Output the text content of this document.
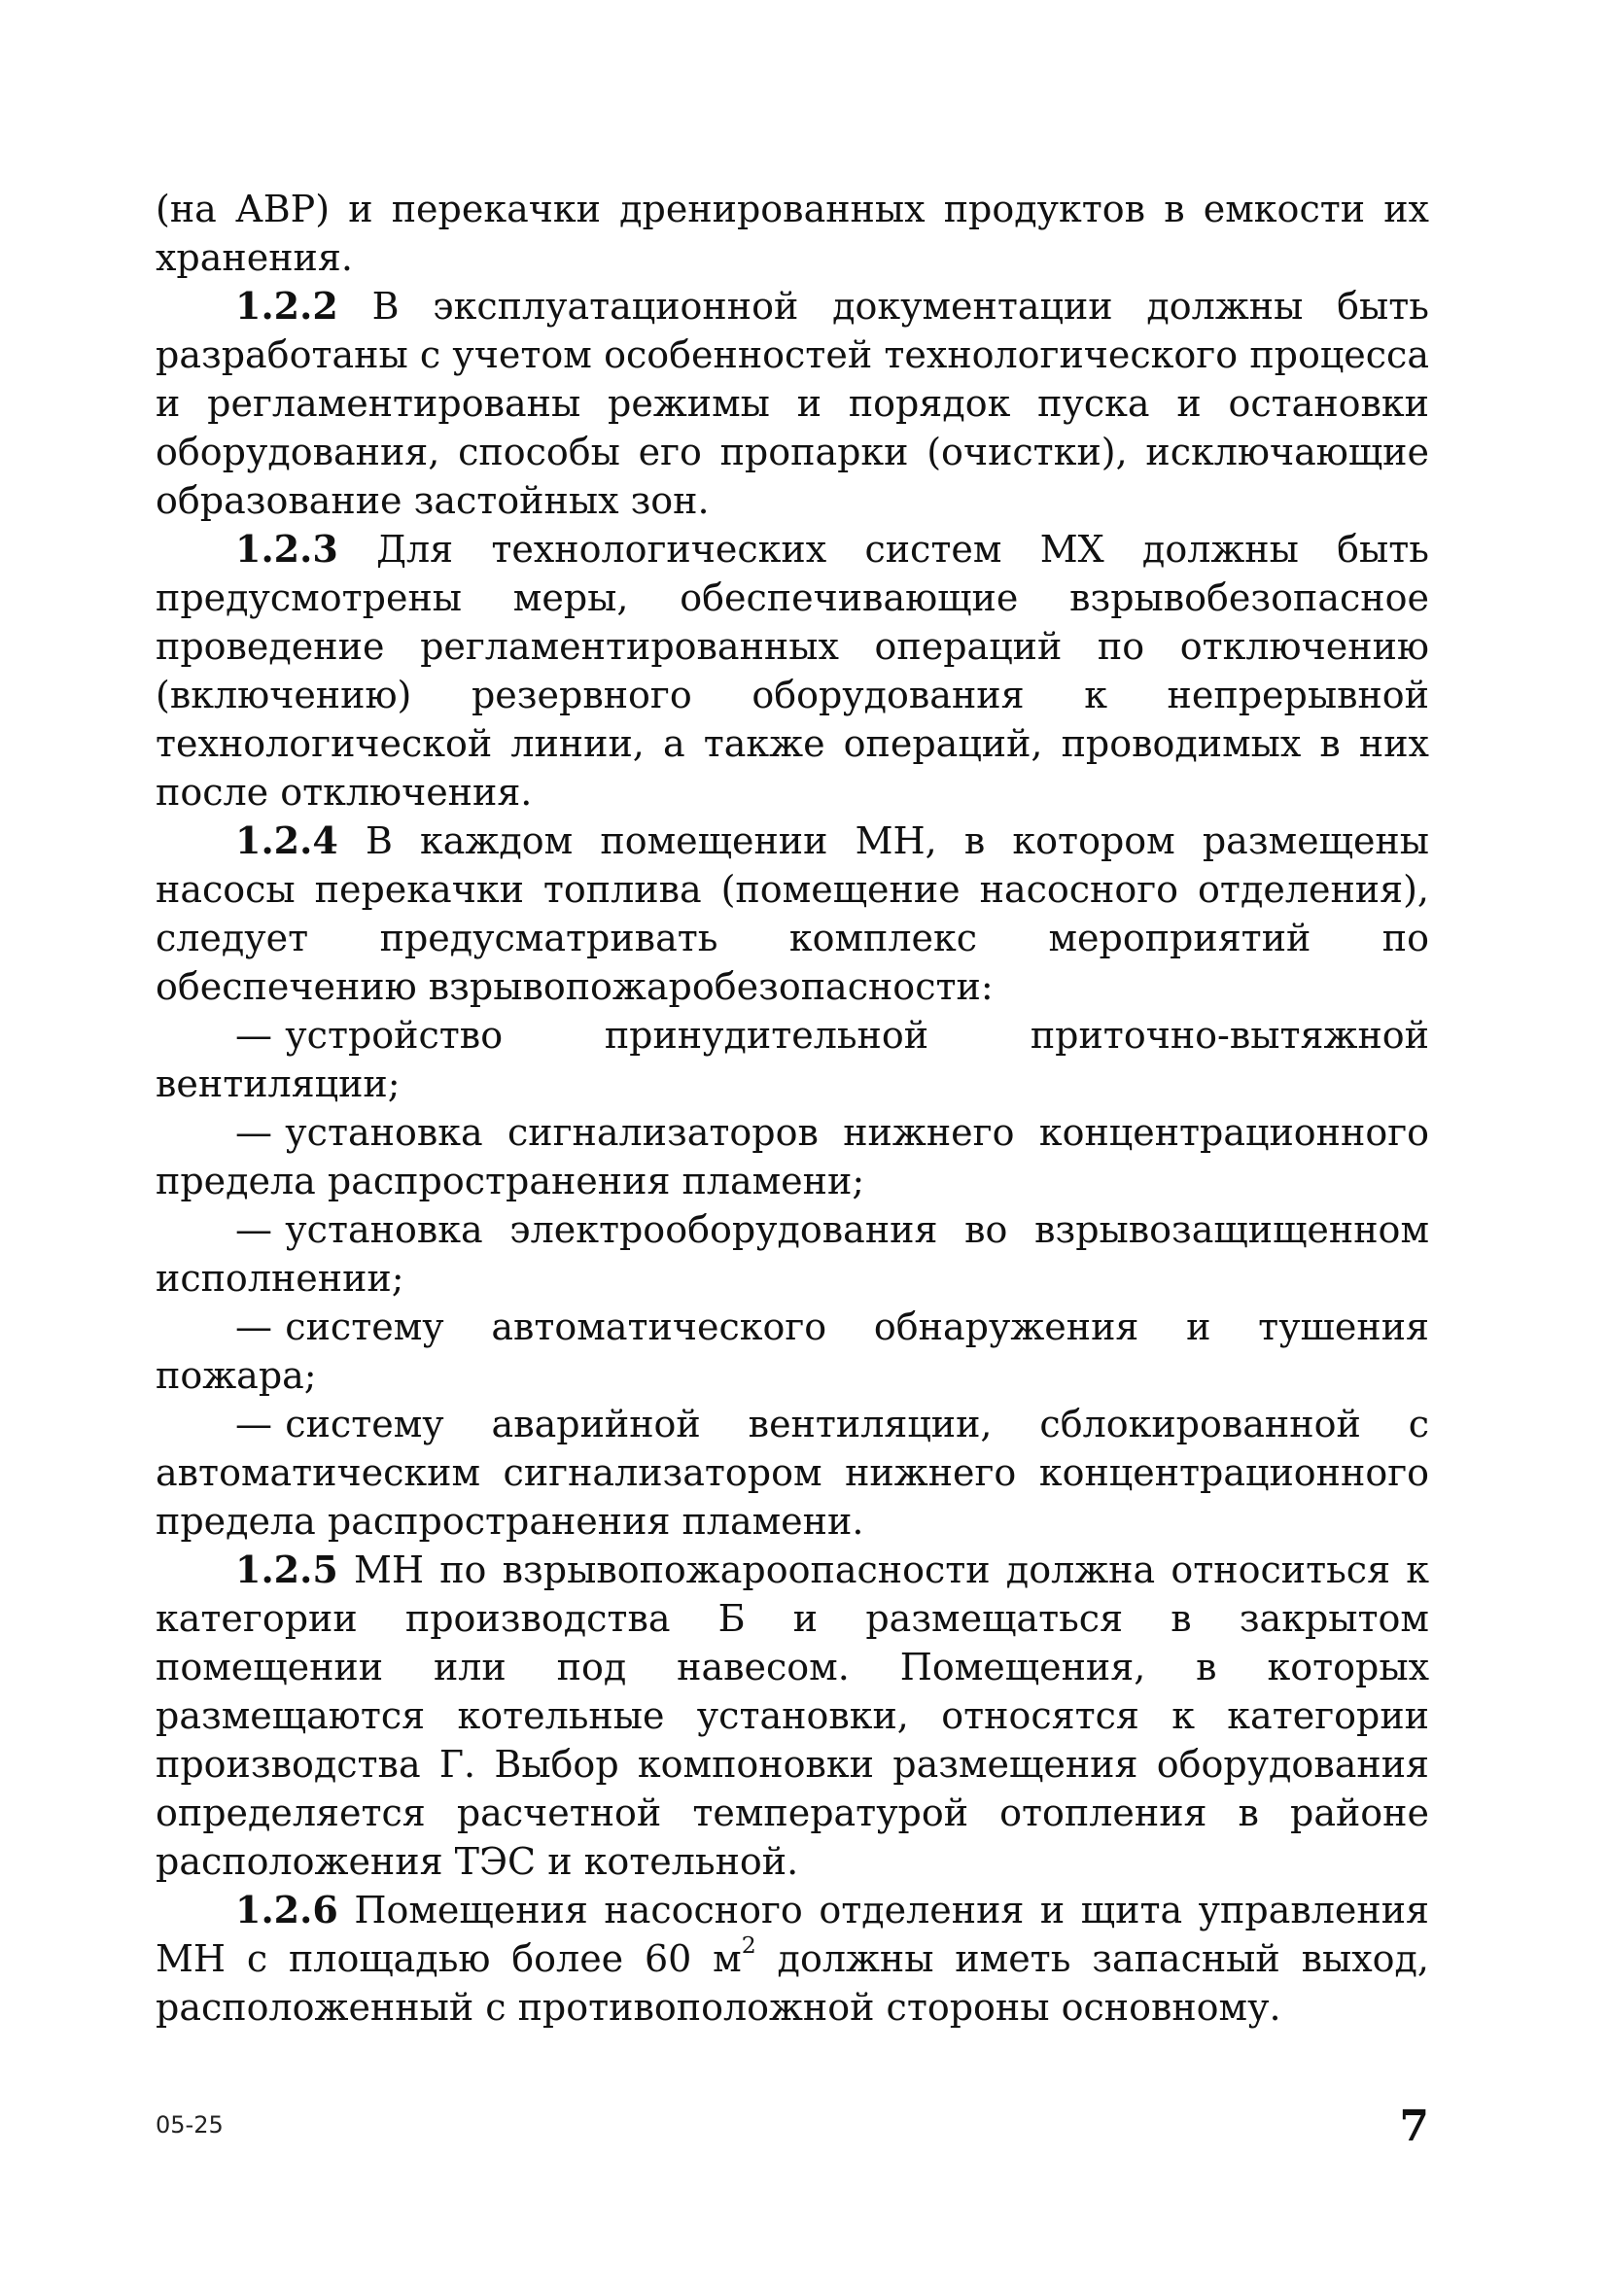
(на АВР) и перекачки дренированных продуктов в емкости их хранения.

1.2.2 В эксплуатационной документации должны быть разработаны с учетом особенностей технологического процесса и регламентированы режимы и порядок пуска и остановки оборудования, способы его пропарки (очистки), исключающие образование застойных зон.

1.2.3 Для технологических систем МХ должны быть предусмотрены меры, обеспечивающие взрывобезопасное проведение регламентированных операций по отключению (включению) резервного оборудования к непрерывной технологической линии, а также операций, проводимых в них после отключения.

1.2.4 В каждом помещении МН, в котором размещены насосы перекачки топлива (помещение насосного отделения), следует предусматривать комплекс мероприятий по обеспечению взрывопожаробезопасности:

— устройство принудительной приточно-вытяжной вентиляции;
— установка сигнализаторов нижнего концентрационного предела распространения пламени;
— установка электрооборудования во взрывозащищенном исполнении;
— систему автоматического обнаружения и тушения пожара;
— систему аварийной вентиляции, сблокированной с автоматическим сигнализатором нижнего концентрационного предела распространения пламени.

1.2.5 МН по взрывопожароопасности должна относиться к категории производства Б и размещаться в закрытом помещении или под навесом. Помещения, в которых размещаются котельные установки, относятся к категории производства Г. Выбор компоновки размещения оборудования определяется расчетной температурой отопления в районе расположения ТЭС и котельной.

1.2.6 Помещения насосного отделения и щита управления МН с площадью более 60 $м^2$ должны иметь запасный выход, расположенный с противоположной стороны основному.

05-25	7
